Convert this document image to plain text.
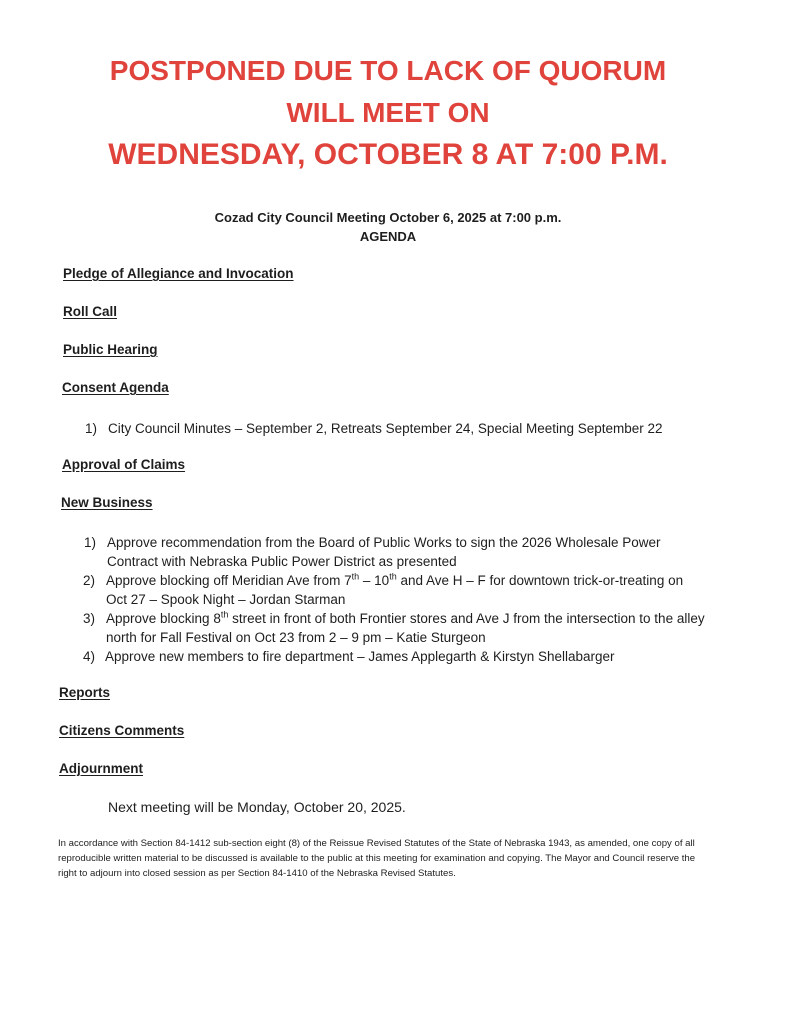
POSTPONED DUE TO LACK OF QUORUM
WILL MEET ON
WEDNESDAY, OCTOBER 8 AT 7:00 P.M.
Cozad City Council Meeting October 6, 2025 at 7:00 p.m.
AGENDA
Pledge of Allegiance and Invocation
Roll Call
Public Hearing
Consent Agenda
1) City Council Minutes – September 2, Retreats September 24, Special Meeting September 22
Approval of Claims
New Business
1) Approve recommendation from the Board of Public Works to sign the 2026 Wholesale Power Contract with Nebraska Public Power District as presented
2) Approve blocking off Meridian Ave from 7th – 10th and Ave H – F for downtown trick-or-treating on Oct 27 – Spook Night – Jordan Starman
3) Approve blocking 8th street in front of both Frontier stores and Ave J from the intersection to the alley north for Fall Festival on Oct 23 from 2 – 9 pm – Katie Sturgeon
4) Approve new members to fire department – James Applegarth & Kirstyn Shellabarger
Reports
Citizens Comments
Adjournment
Next meeting will be Monday, October 20, 2025.
In accordance with Section 84-1412 sub-section eight (8) of the Reissue Revised Statutes of the State of Nebraska 1943, as amended, one copy of all reproducible written material to be discussed is available to the public at this meeting for examination and copying. The Mayor and Council reserve the right to adjourn into closed session as per Section 84-1410 of the Nebraska Revised Statutes.
